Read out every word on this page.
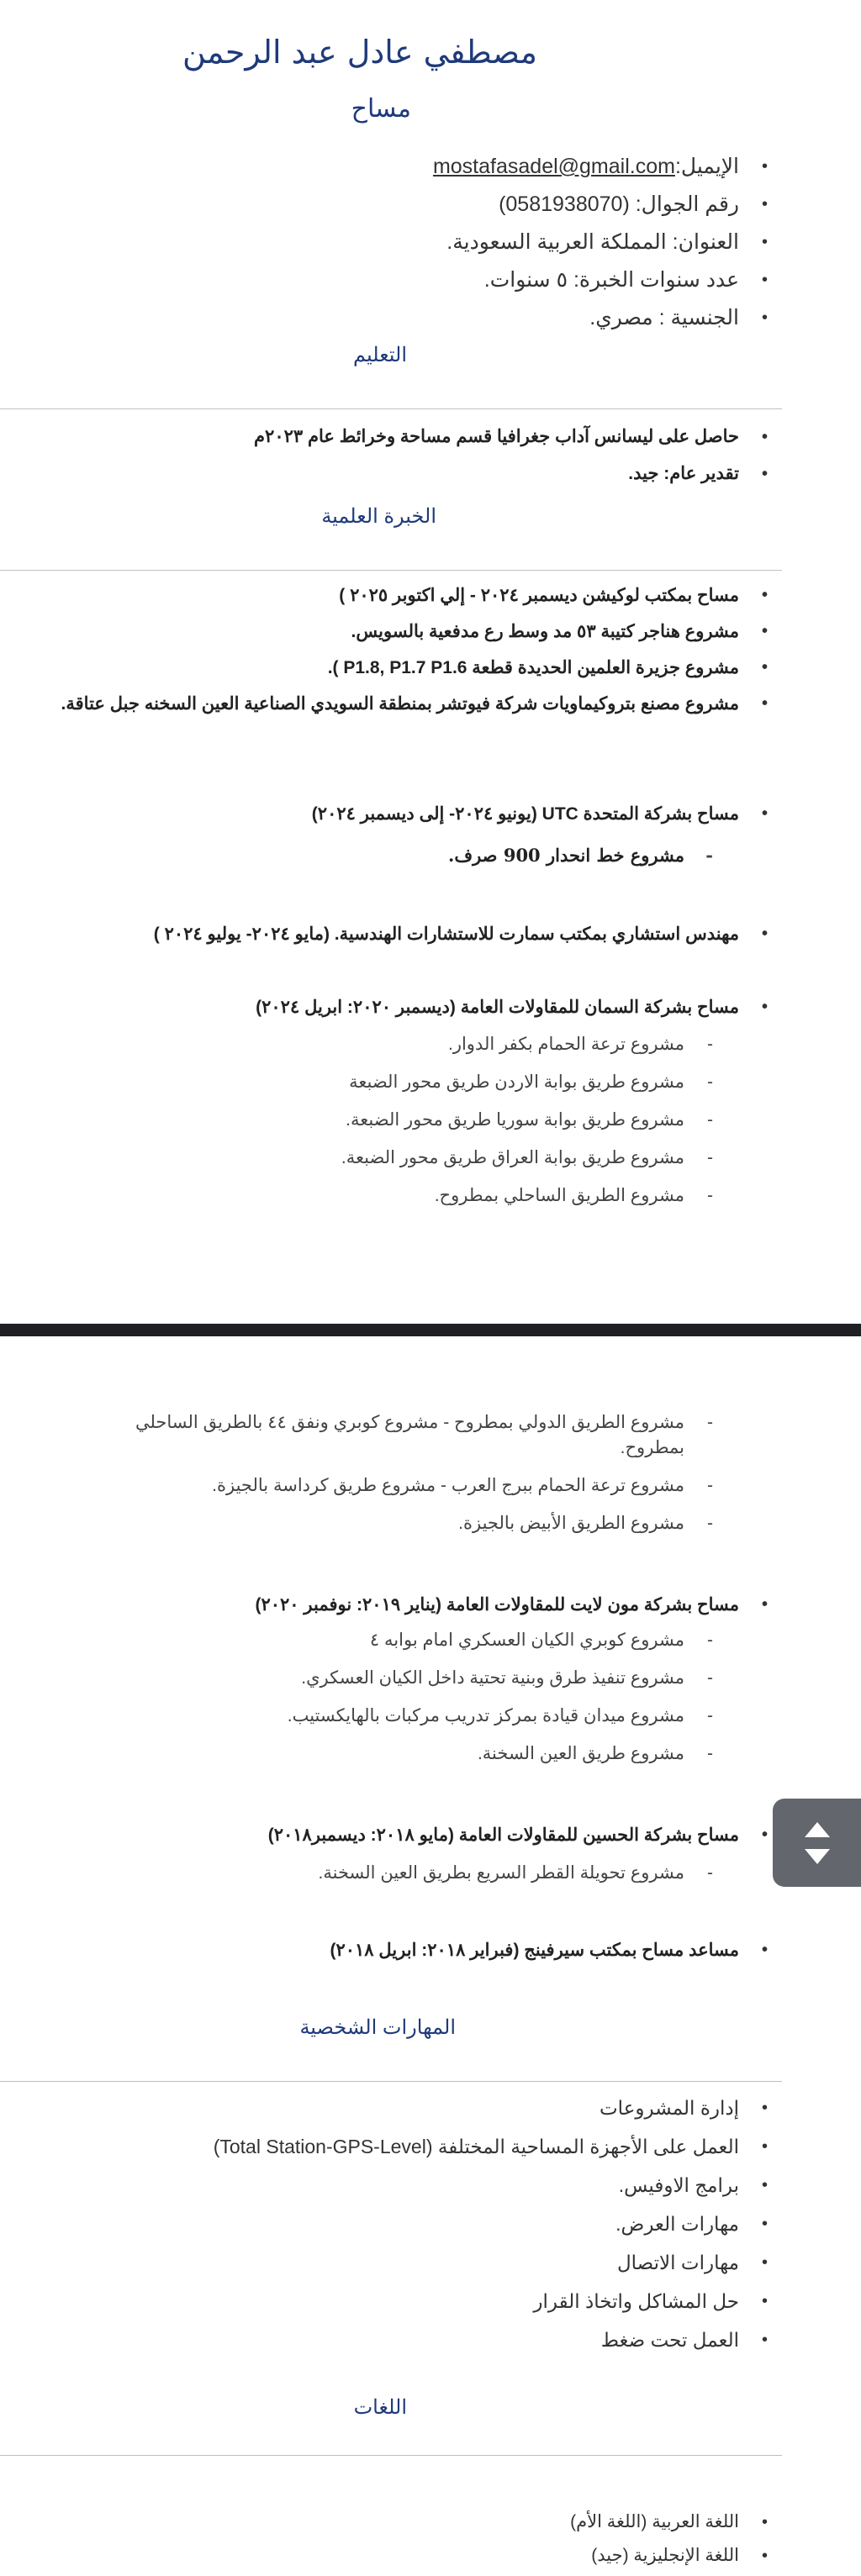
مصطفي عادل عبد الرحمن
مساح
الإيميل:mostafasadel@gmail.com •
رقم الجوال: (0581938070) •
العنوان: المملكة العربية السعودية. •
عدد سنوات الخبرة: ٥ سنوات. •
الجنسية : مصري. •
التعليم
حاصل على ليسانس آداب جغرافيا قسم مساحة وخرائط عام ٢٠٢٣م •
تقدير عام: جيد. •
الخبرة العلمية
مساح بمكتب لوكيشن ديسمبر ٢٠٢٤ - إلي اكتوبر ٢٠٢٥ ) •
مشروع هناجر كتيبة ٥٣ مد وسط رع مدفعية بالسويس. •
مشروع جزيرة العلمين الحديدة قطعة P1.8, P1.7 P1.6 ). •
مشروع مصنع بتروكيماويات شركة فيوتشر بمنطقة السويدي الصناعية العين السخنه جبل عتاقة. •
مساح بشركة المتحدة UTC (يونيو ٢٠٢٤- إلى ديسمبر ٢٠٢٤) •
مشروع خط انحدار 900 صرف. -
مهندس استشاري بمكتب سمارت للاستشارات الهندسية. (مايو ٢٠٢٤- يوليو ٢٠٢٤ ) •
مساح بشركة السمان للمقاولات العامة (ديسمبر ٢٠٢٠: ابريل ٢٠٢٤) •
مشروع ترعة الحمام بكفر الدوار. -
مشروع طريق بوابة الاردن طريق محور الضبعة -
مشروع طريق بوابة سوريا طريق محور الضبعة. -
مشروع طريق بوابة العراق طريق محور الضبعة. -
مشروع الطريق الساحلي بمطروح. -
مشروع الطريق الدولي بمطروح - مشروع كوبري ونفق ٤٤ بالطريق الساحلي بمطروح. -
مشروع ترعة الحمام ببرج العرب - مشروع طريق كرداسة بالجيزة. -
مشروع الطريق الأبيض بالجيزة. -
مساح بشركة مون لايت للمقاولات العامة (يناير ٢٠١٩: نوفمبر ٢٠٢٠) •
مشروع كوبري الكيان العسكري امام بوابه ٤ -
مشروع تنفيذ طرق وبنية تحتية داخل الكيان العسكري. -
مشروع ميدان قيادة بمركز تدريب مركبات بالهايكستيب. -
مشروع طريق العين السخنة. -
مساح بشركة الحسين للمقاولات العامة (مايو ٢٠١٨: ديسمبر٢٠١٨) •
مشروع تحويلة القطر السريع بطريق العين السخنة. -
مساعد مساح بمكتب سيرفينج (فبراير ٢٠١٨: ابريل ٢٠١٨) •
المهارات الشخصية
إدارة المشروعات •
العمل على الأجهزة المساحية المختلفة (Total Station-GPS-Level) •
برامج الاوفيس. •
مهارات العرض. •
مهارات الاتصال •
حل المشاكل واتخاذ القرار •
العمل تحت ضغط •
اللغات
اللغة العربية (اللغة الأم) •
اللغة الإنجليزية (جيد) •
